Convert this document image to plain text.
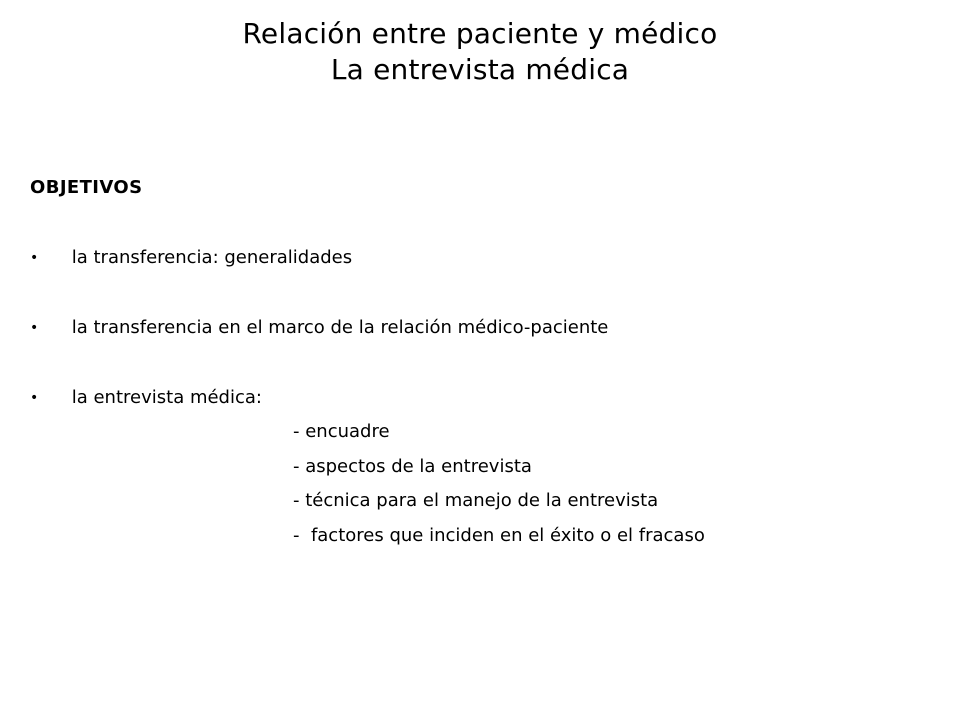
Relación entre paciente y médico
La entrevista médica
OBJETIVOS
• la transferencia: generalidades
• la transferencia en el marco de la relación médico-paciente
• la entrevista médica:
- encuadre
- aspectos de la entrevista
- técnica para el manejo de la entrevista
-  factores que inciden en el éxito o el fracaso
